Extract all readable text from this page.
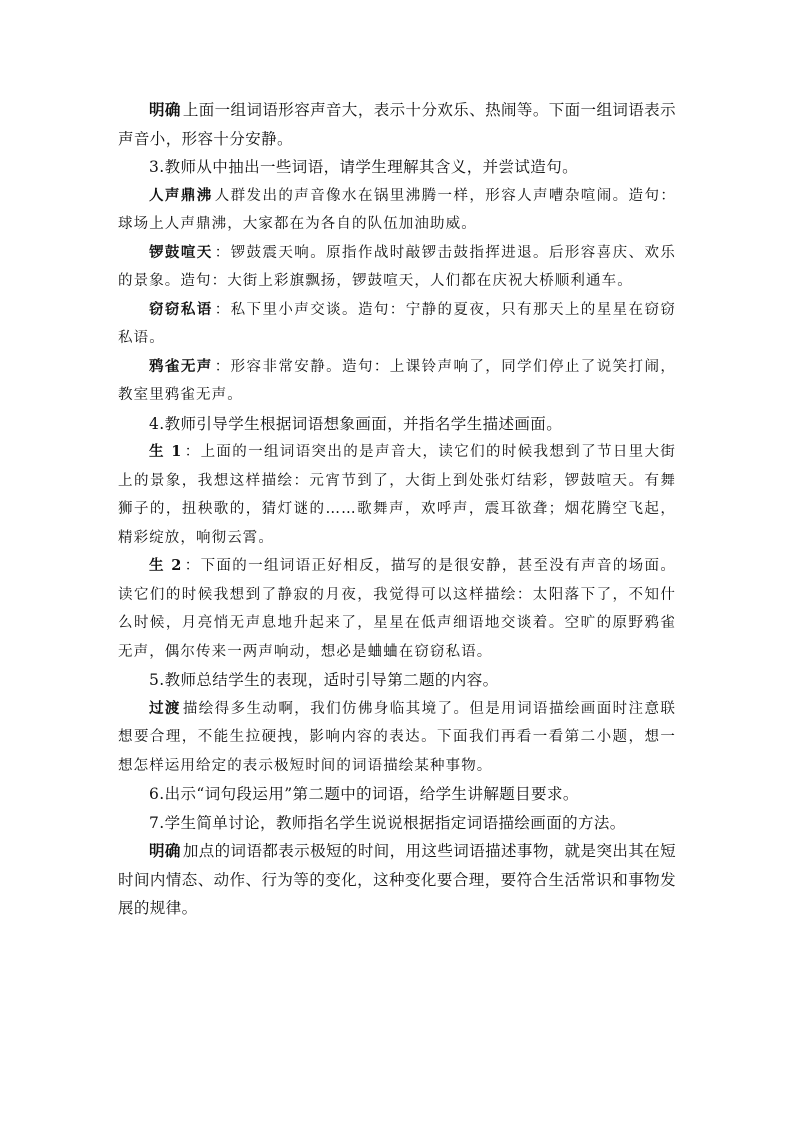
明确 上面一组词语形容声音大，表示十分欢乐、热闹等。下面一组词语表示声音小，形容十分安静。

3.教师从中抽出一些词语，请学生理解其含义，并尝试造句。

人声鼎沸 人群发出的声音像水在锅里沸腾一样，形容人声嘈杂喧闹。造句：球场上人声鼎沸，大家都在为各自的队伍加油助威。

锣鼓喧天 ：锣鼓震天响。原指作战时敲锣击鼓指挥进退。后形容喜庆、欢乐的景象。造句：大街上彩旗飘扬，锣鼓喧天，人们都在庆祝大桥顺利通车。

窃窃私语 ：私下里小声交谈。造句：宁静的夏夜，只有那天上的星星在窃窃私语。

鸦雀无声 ：形容非常安静。造句：上课铃声响了，同学们停止了说笑打闹，教室里鸦雀无声。

4.教师引导学生根据词语想象画面，并指名学生描述画面。

生 1 ：上面的一组词语突出的是声音大，读它们的时候我想到了节日里大街上的景象，我想这样描绘：元宵节到了，大街上到处张灯结彩，锣鼓喧天。有舞狮子的，扭秧歌的，猜灯谜的……歌舞声，欢呼声，震耳欲聋；烟花腾空飞起，精彩绽放，响彻云霄。

生 2 ：下面的一组词语正好相反，描写的是很安静，甚至没有声音的场面。读它们的时候我想到了静寂的月夜，我觉得可以这样描绘：太阳落下了，不知什么时候，月亮悄无声息地升起来了，星星在低声细语地交谈着。空旷的原野鸦雀无声，偶尔传来一两声响动，想必是蛐蛐在窃窃私语。

5.教师总结学生的表现，适时引导第二题的内容。

过渡 描绘得多生动啊，我们仿佛身临其境了。但是用词语描绘画面时注意联想要合理，不能生拉硬拽，影响内容的表达。下面我们再看一看第二小题，想一想怎样运用给定的表示极短时间的词语描绘某种事物。

6.出示“词句段运用”第二题中的词语，给学生讲解题目要求。

7.学生简单讨论，教师指名学生说说根据指定词语描绘画面的方法。

明确 加点的词语都表示极短的时间，用这些词语描述事物，就是突出其在短时间内情态、动作、行为等的变化，这种变化要合理，要符合生活常识和事物发展的规律。
